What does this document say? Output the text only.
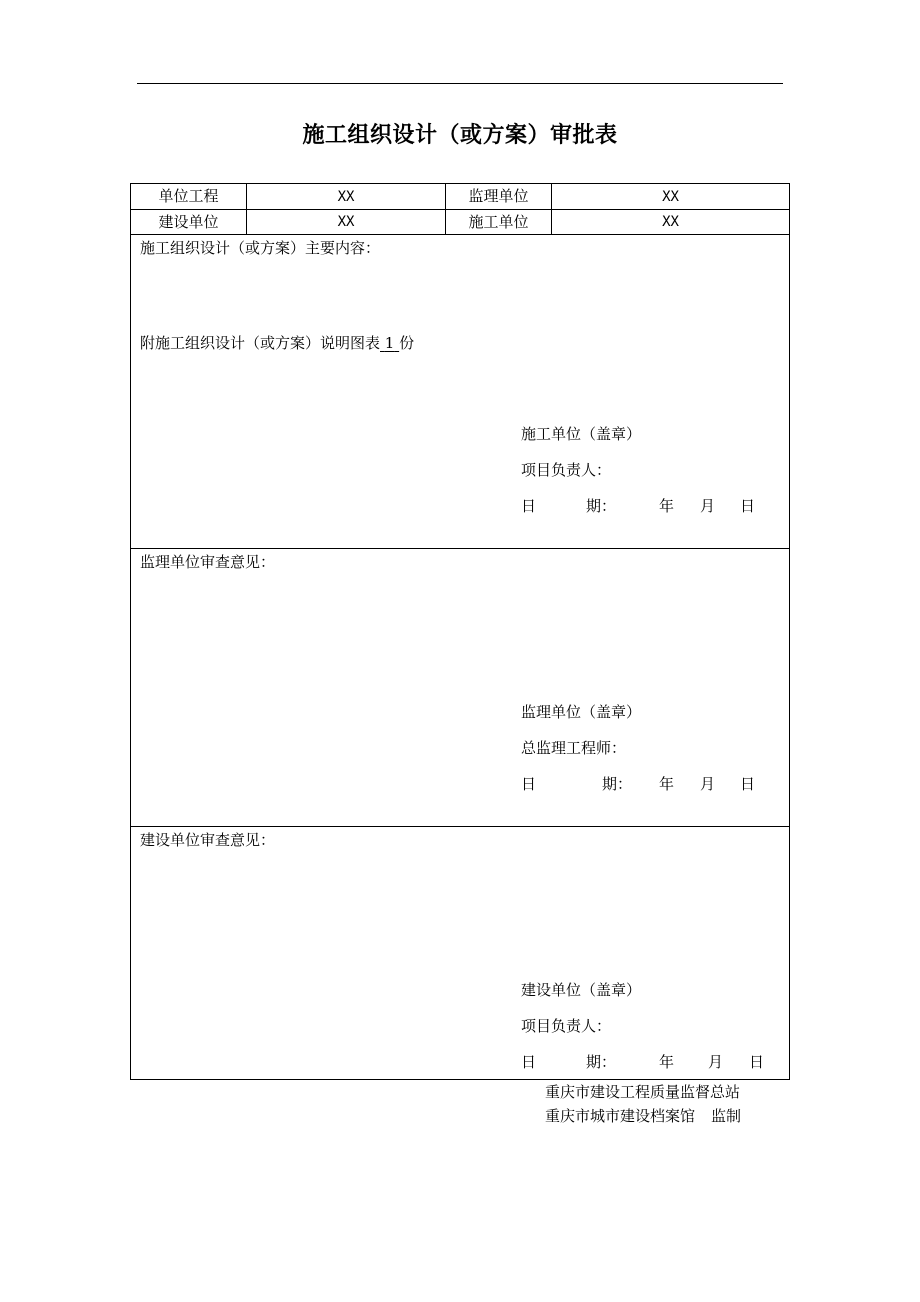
施工组织设计（或方案）审批表
单位工程	XX	监理单位	XX
建设单位	XX	施工单位	XX
施工组织设计（或方案）主要内容：
附施工组织设计（或方案）说明图表 1 份
施工单位（盖章）
项目负责人：
日	期：	年 月 日
监理单位审查意见：
监理单位（盖章）
总监理工程师：
日	期： 年 月 日
建设单位审查意见：
建设单位（盖章）
项目负责人：
日	期：	年 月 日
重庆市建设工程质量监督总站
重庆市城市建设档案馆 监制
